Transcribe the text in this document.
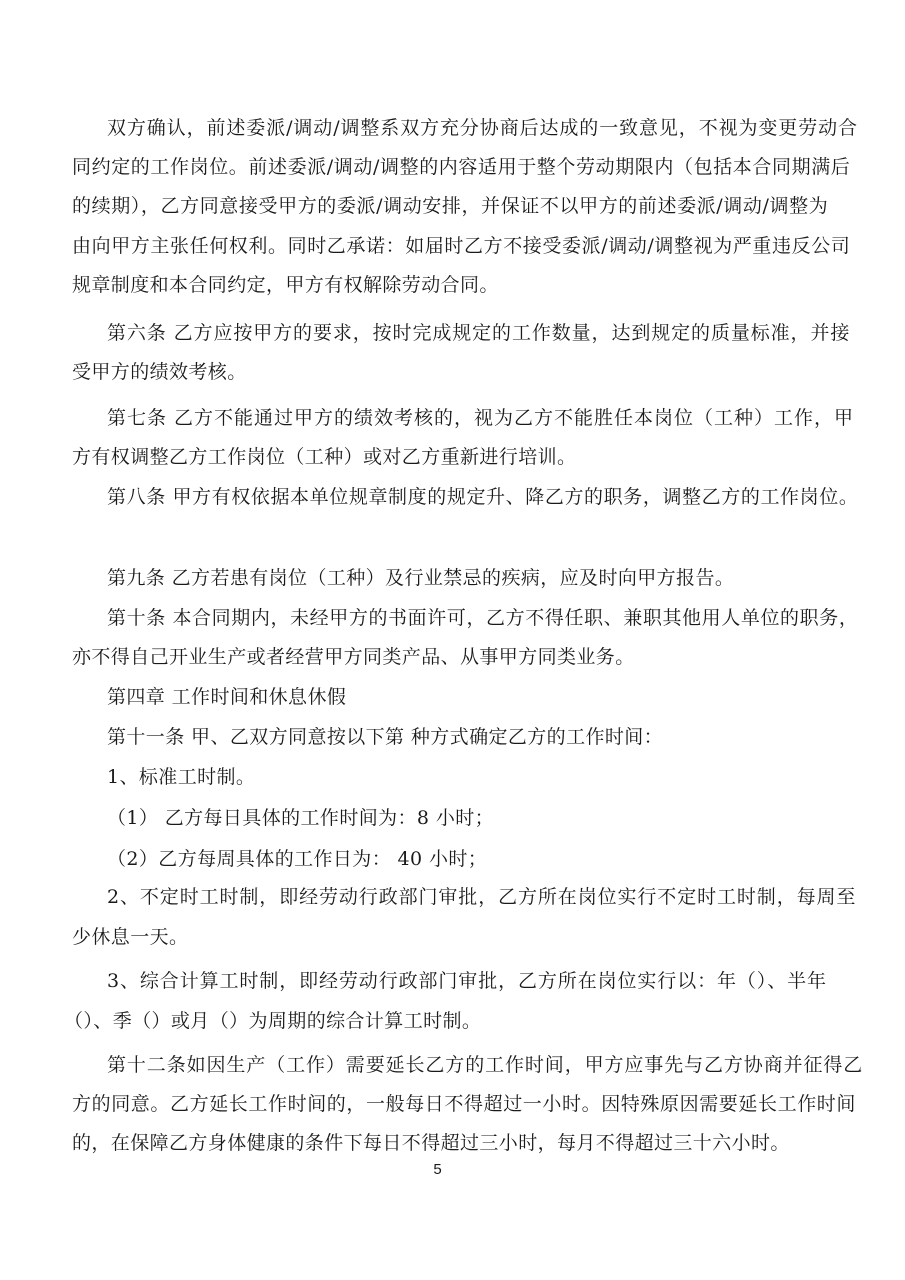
双方确认，前述委派/调动/调整系双方充分协商后达成的一致意见，不视为变更劳动合
同约定的工作岗位。前述委派/调动/调整的内容适用于整个劳动期限内（包括本合同期满后
的续期），乙方同意接受甲方的委派/调动安排，并保证不以甲方的前述委派/调动/调整为
由向甲方主张任何权利。同时乙承诺：如届时乙方不接受委派/调动/调整视为严重违反公司
规章制度和本合同约定，甲方有权解除劳动合同。
第六条 乙方应按甲方的要求，按时完成规定的工作数量，达到规定的质量标准，并接
受甲方的绩效考核。
第七条 乙方不能通过甲方的绩效考核的，视为乙方不能胜任本岗位（工种）工作，甲
方有权调整乙方工作岗位（工种）或对乙方重新进行培训。
第八条 甲方有权依据本单位规章制度的规定升、降乙方的职务，调整乙方的工作岗位。
第九条 乙方若患有岗位（工种）及行业禁忌的疾病，应及时向甲方报告。
第十条 本合同期内，未经甲方的书面许可，乙方不得任职、兼职其他用人单位的职务，
亦不得自己开业生产或者经营甲方同类产品、从事甲方同类业务。
第四章 工作时间和休息休假
第十一条 甲、乙双方同意按以下第 种方式确定乙方的工作时间：
1、标准工时制。
（1） 乙方每日具体的工作时间为：8 小时；
（2）乙方每周具体的工作日为： 40 小时；
2、不定时工时制，即经劳动行政部门审批，乙方所在岗位实行不定时工时制，每周至
少休息一天。
3、综合计算工时制，即经劳动行政部门审批，乙方所在岗位实行以：年（）、半年
（）、季（）或月（）为周期的综合计算工时制。
第十二条如因生产（工作）需要延长乙方的工作时间，甲方应事先与乙方协商并征得乙
方的同意。乙方延长工作时间的，一般每日不得超过一小时。因特殊原因需要延长工作时间
的，在保障乙方身体健康的条件下每日不得超过三小时，每月不得超过三十六小时。
5
